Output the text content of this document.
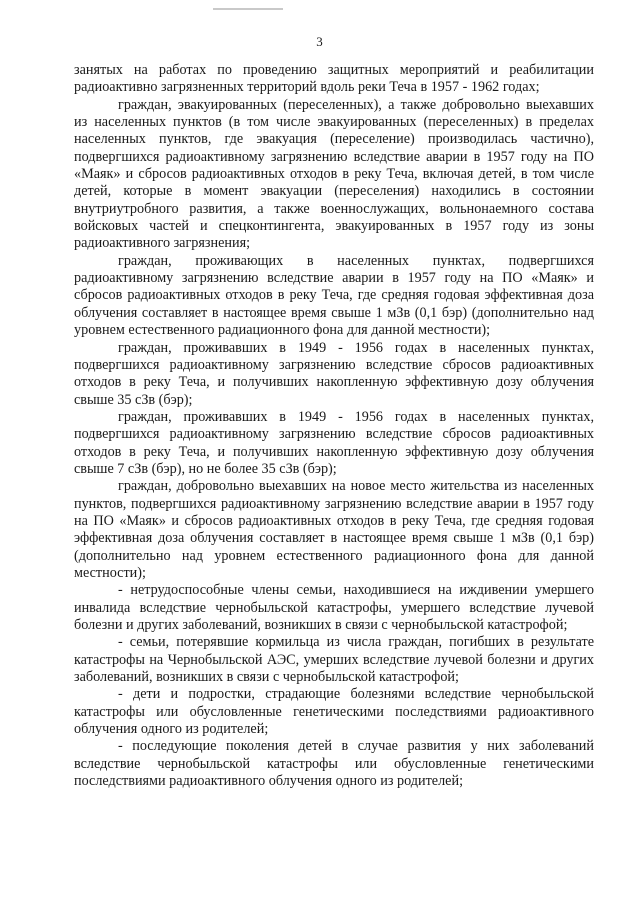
3

занятых на работах по проведению защитных мероприятий и реабилитации радиоактивно загрязненных территорий вдоль реки Теча в 1957 - 1962 годах;

граждан, эвакуированных (переселенных), а также добровольно выехавших из населенных пунктов (в том числе эвакуированных (переселенных) в пределах населенных пунктов, где эвакуация (переселение) производилась частично), подвергшихся радиоактивному загрязнению вследствие аварии в 1957 году на ПО «Маяк» и сбросов радиоактивных отходов в реку Теча, включая детей, в том числе детей, которые в момент эвакуации (переселения) находились в состоянии внутриутробного развития, а также военнослужащих, вольнонаемного состава войсковых частей и спецконтингента, эвакуированных в 1957 году из зоны радиоактивного загрязнения;

граждан, проживающих в населенных пунктах, подвергшихся радиоактивному загрязнению вследствие аварии в 1957 году на ПО «Маяк» и сбросов радиоактивных отходов в реку Теча, где средняя годовая эффективная доза облучения составляет в настоящее время свыше 1 мЗв (0,1 бэр) (дополнительно над уровнем естественного радиационного фона для данной местности);

граждан, проживавших в 1949 - 1956 годах в населенных пунктах, подвергшихся радиоактивному загрязнению вследствие сбросов радиоактивных отходов в реку Теча, и получивших накопленную эффективную дозу облучения свыше 35 сЗв (бэр);

граждан, проживавших в 1949 - 1956 годах в населенных пунктах, подвергшихся радиоактивному загрязнению вследствие сбросов радиоактивных отходов в реку Теча, и получивших накопленную эффективную дозу облучения свыше 7 сЗв (бэр), но не более 35 сЗв (бэр);

граждан, добровольно выехавших на новое место жительства из населенных пунктов, подвергшихся радиоактивному загрязнению вследствие аварии в 1957 году на ПО «Маяк» и сбросов радиоактивных отходов в реку Теча, где средняя годовая эффективная доза облучения составляет в настоящее время свыше 1 мЗв (0,1 бэр) (дополнительно над уровнем естественного радиационного фона для данной местности);

- нетрудоспособные члены семьи, находившиеся на иждивении умершего инвалида вследствие чернобыльской катастрофы, умершего вследствие лучевой болезни и других заболеваний, возникших в связи с чернобыльской катастрофой;

- семьи, потерявшие кормильца из числа граждан, погибших в результате катастрофы на Чернобыльской АЭС, умерших вследствие лучевой болезни и других заболеваний, возникших в связи с чернобыльской катастрофой;

- дети и подростки, страдающие болезнями вследствие чернобыльской катастрофы или обусловленные генетическими последствиями радиоактивного облучения одного из родителей;

- последующие поколения детей в случае развития у них заболеваний вследствие чернобыльской катастрофы или обусловленные генетическими последствиями радиоактивного облучения одного из родителей;
